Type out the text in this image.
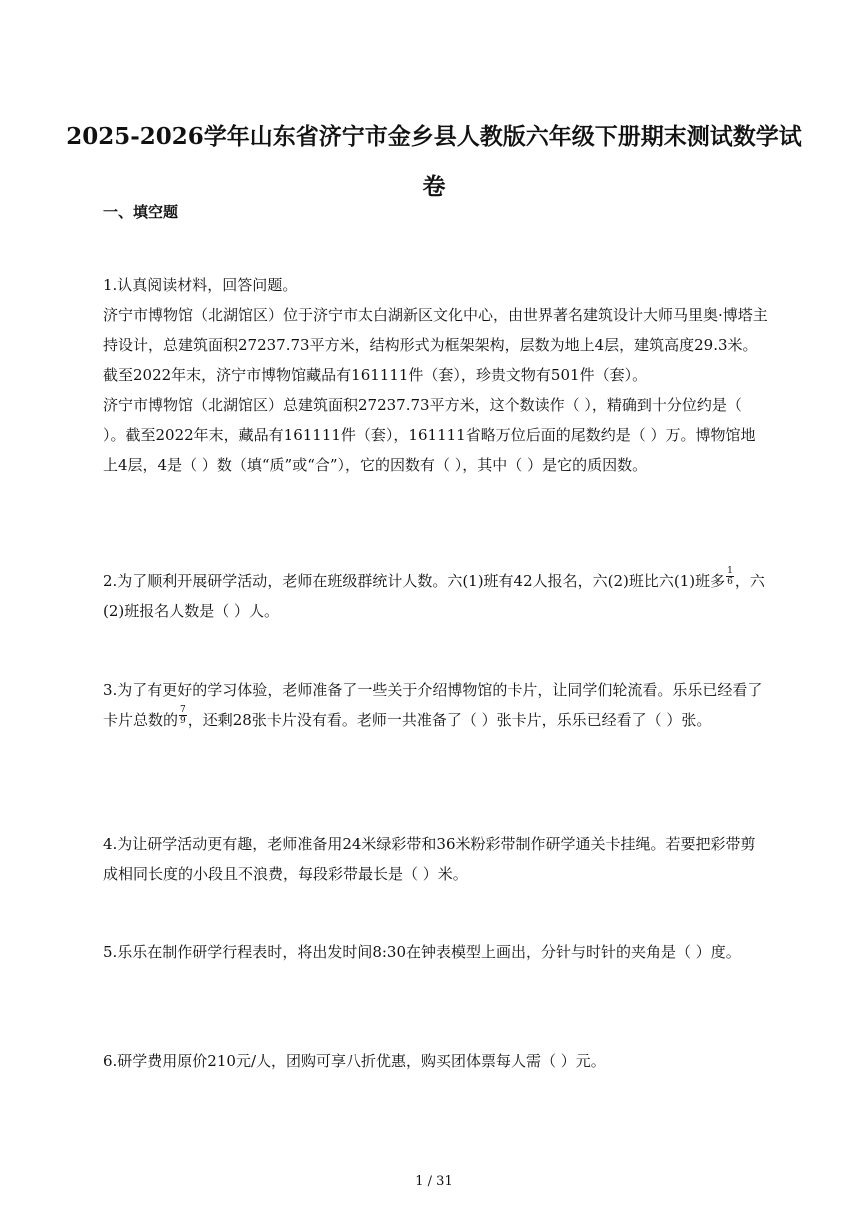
2025-2026学年山东省济宁市金乡县人教版六年级下册期末测试数学试卷
一、填空题

1.认真阅读材料，回答问题。

济宁市博物馆（北湖馆区）位于济宁市太白湖新区文化中心，由世界著名建筑设计大师马里奥·博塔主持设计，总建筑面积27237.73平方米，结构形式为框架架构，层数为地上4层，建筑高度29.3米。截至2022年末，济宁市博物馆藏品有161111件（套），珍贵文物有501件（套）。

济宁市博物馆（北湖馆区）总建筑面积27237.73平方米，这个数读作（ ），精确到十分位约是（ ）。截至2022年末，藏品有161111件（套），161111省略万位后面的尾数约是（ ）万。博物馆地上4层，4是（ ）数（填“质”或“合”），它的因数有（ ），其中（ ）是它的质因数。

2.为了顺利开展研学活动，老师在班级群统计人数。六(1)班有42人报名，六(2)班比六(1)班多 $\frac{1}{6}$ ，六(2)班报名人数是（ ）人。

3.为了有更好的学习体验，老师准备了一些关于介绍博物馆的卡片，让同学们轮流看。乐乐已经看了卡片总数的 $\frac{7}{9}$ ，还剩28张卡片没有看。老师一共准备了（ ）张卡片，乐乐已经看了（ ）张。

4.为让研学活动更有趣，老师准备用24米绿彩带和36米粉彩带制作研学通关卡挂绳。若要把彩带剪成相同长度的小段且不浪费，每段彩带最长是（ ）米。

5.乐乐在制作研学行程表时，将出发时间8:30在钟表模型上画出，分针与时针的夹角是（ ）度。

6.研学费用原价210元/人，团购可享八折优惠，购买团体票每人需（ ）元。

1 / 31
